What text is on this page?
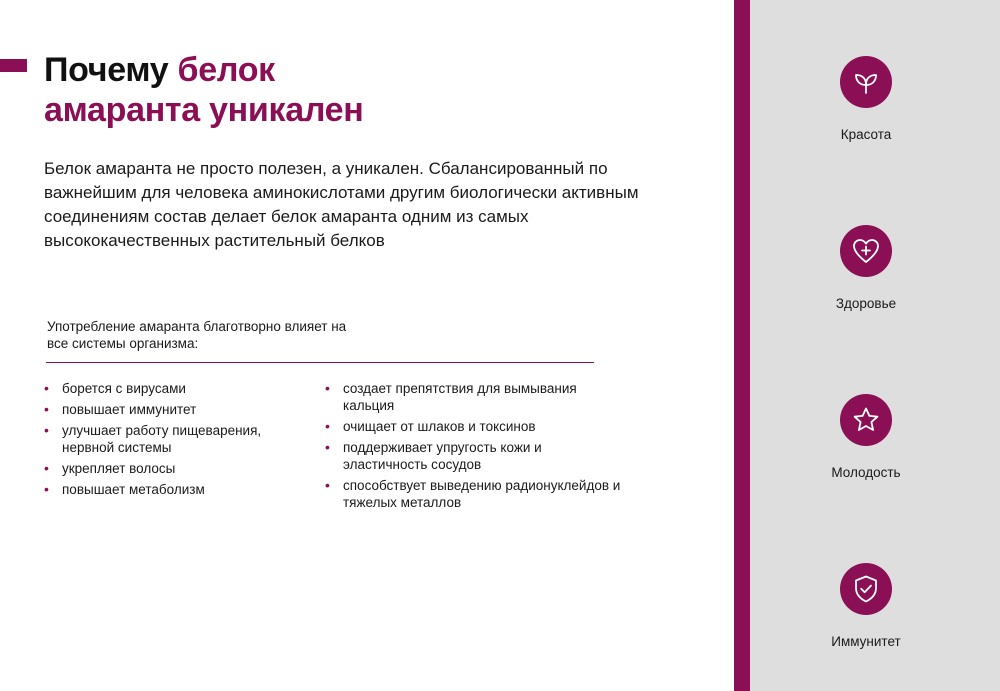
Почему белок
амаранта уникален

Белок амаранта не просто полезен, а уникален. Сбалансированный по важнейшим для человека аминокислотами другим биологически активным соединениям состав делает белок амаранта одним из самых высококачественных растительный белков

Употребление амаранта благотворно влияет на все системы организма:

• борется с вирусами
• повышает иммунитет
• улучшает работу пищеварения, нервной системы
• укрепляет волосы
• повышает метаболизм
• создает препятствия для вымывания кальция
• очищает от шлаков и токсинов
• поддерживает упругость кожи и эластичность сосудов
• способствует выведению радионуклейдов и тяжелых металлов
Красота
Здоровье
Молодость
Иммунитет
